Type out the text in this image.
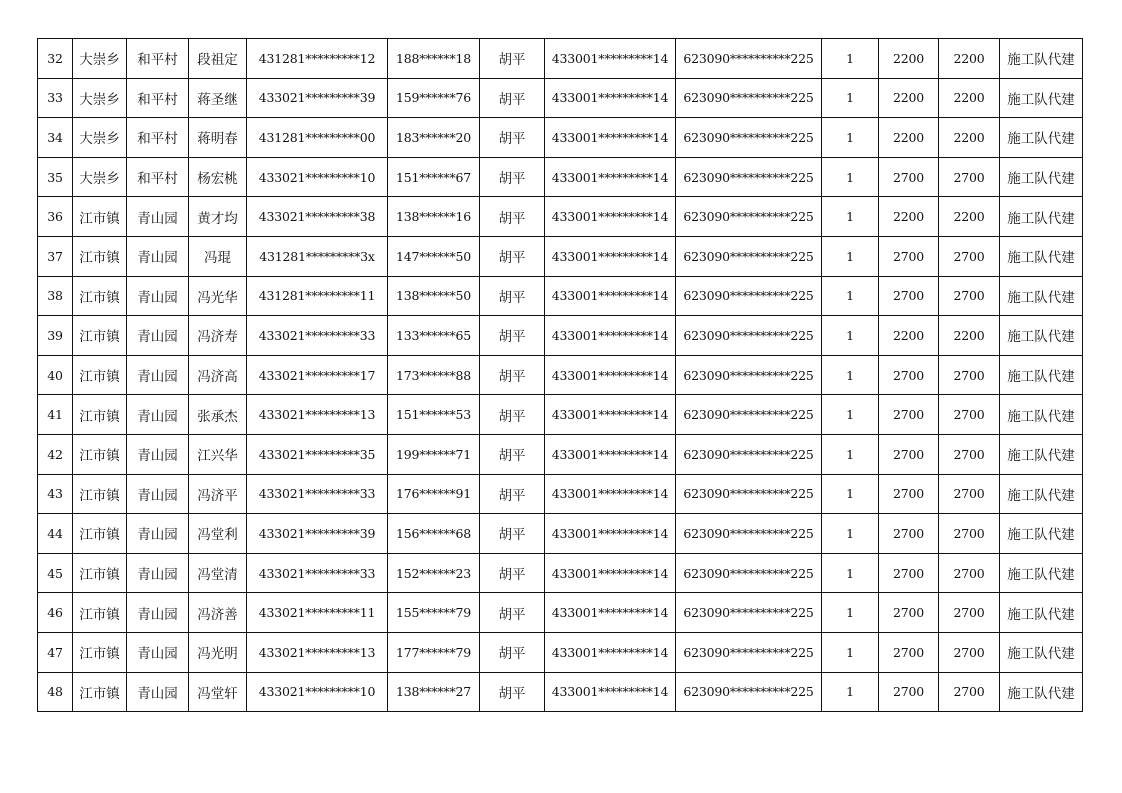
32	大崇乡	和平村	段祖定	431281*********12	188******18	胡平	433001*********14	623090**********225	1	2200	2200	施工队代建
33	大崇乡	和平村	蒋圣继	433021*********39	159******76	胡平	433001*********14	623090**********225	1	2200	2200	施工队代建
34	大崇乡	和平村	蒋明春	431281*********00	183******20	胡平	433001*********14	623090**********225	1	2200	2200	施工队代建
35	大崇乡	和平村	杨宏桃	433021*********10	151******67	胡平	433001*********14	623090**********225	1	2700	2700	施工队代建
36	江市镇	青山园	黄才均	433021*********38	138******16	胡平	433001*********14	623090**********225	1	2200	2200	施工队代建
37	江市镇	青山园	冯琨	431281*********3x	147******50	胡平	433001*********14	623090**********225	1	2700	2700	施工队代建
38	江市镇	青山园	冯光华	431281*********11	138******50	胡平	433001*********14	623090**********225	1	2700	2700	施工队代建
39	江市镇	青山园	冯济寿	433021*********33	133******65	胡平	433001*********14	623090**********225	1	2200	2200	施工队代建
40	江市镇	青山园	冯济高	433021*********17	173******88	胡平	433001*********14	623090**********225	1	2700	2700	施工队代建
41	江市镇	青山园	张承杰	433021*********13	151******53	胡平	433001*********14	623090**********225	1	2700	2700	施工队代建
42	江市镇	青山园	江兴华	433021*********35	199******71	胡平	433001*********14	623090**********225	1	2700	2700	施工队代建
43	江市镇	青山园	冯济平	433021*********33	176******91	胡平	433001*********14	623090**********225	1	2700	2700	施工队代建
44	江市镇	青山园	冯堂利	433021*********39	156******68	胡平	433001*********14	623090**********225	1	2700	2700	施工队代建
45	江市镇	青山园	冯堂清	433021*********33	152******23	胡平	433001*********14	623090**********225	1	2700	2700	施工队代建
46	江市镇	青山园	冯济善	433021*********11	155******79	胡平	433001*********14	623090**********225	1	2700	2700	施工队代建
47	江市镇	青山园	冯光明	433021*********13	177******79	胡平	433001*********14	623090**********225	1	2700	2700	施工队代建
48	江市镇	青山园	冯堂轩	433021*********10	138******27	胡平	433001*********14	623090**********225	1	2700	2700	施工队代建
